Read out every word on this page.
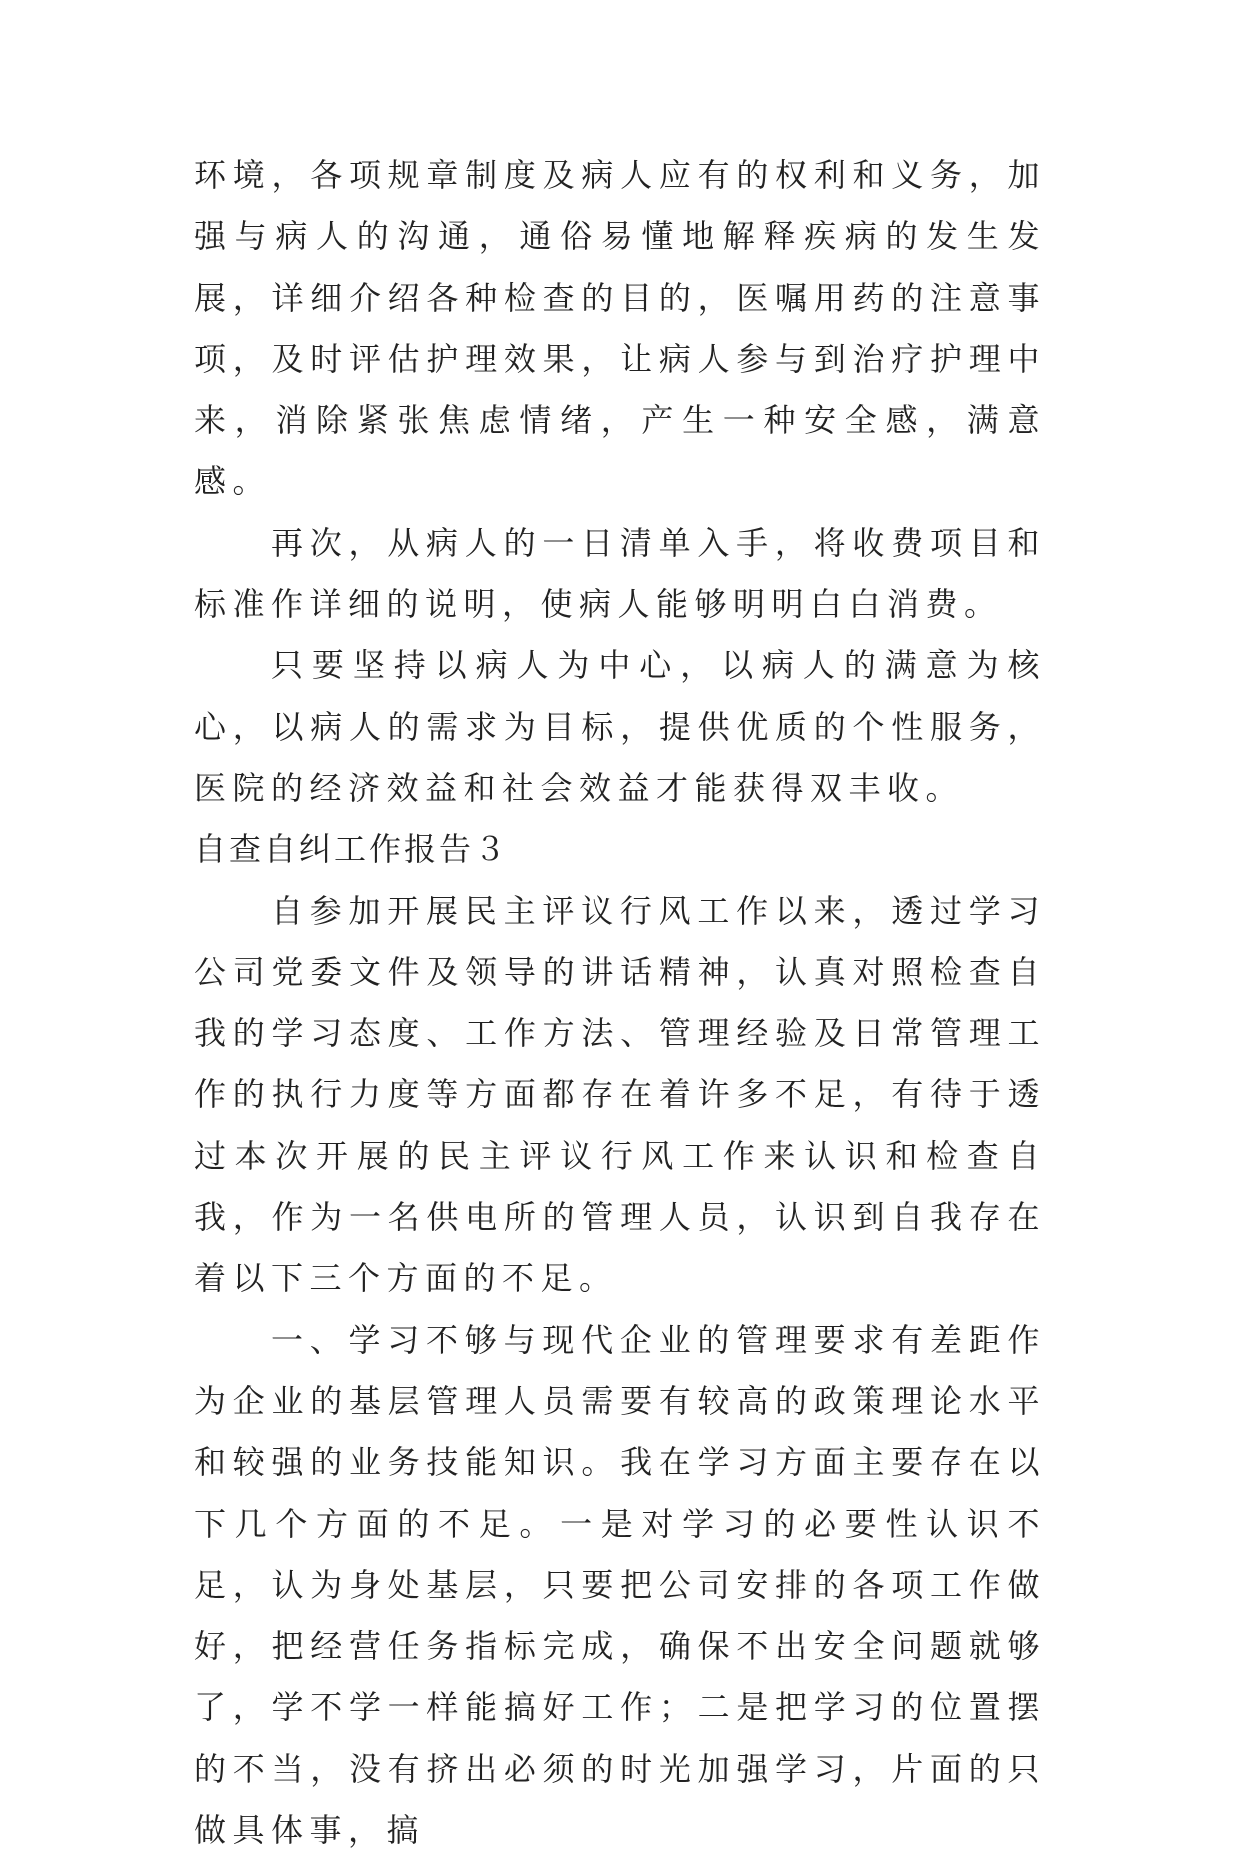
环境，各项规章制度及病人应有的权利和义务，加强与病人的沟通，通俗易懂地解释疾病的发生发展，详细介绍各种检查的目的，医嘱用药的注意事项，及时评估护理效果，让病人参与到治疗护理中来，消除紧张焦虑情绪，产生一种安全感，满意感。

再次，从病人的一日清单入手，将收费项目和标准作详细的说明，使病人能够明明白白消费。

只要坚持以病人为中心，以病人的满意为核心，以病人的需求为目标，提供优质的个性服务，医院的经济效益和社会效益才能获得双丰收。

自查自纠工作报告３

自参加开展民主评议行风工作以来，透过学习公司党委文件及领导的讲话精神，认真对照检查自我的学习态度、工作方法、管理经验及日常管理工作的执行力度等方面都存在着许多不足，有待于透过本次开展的民主评议行风工作来认识和检查自我，作为一名供电所的管理人员，认识到自我存在着以下三个方面的不足。

一、学习不够与现代企业的管理要求有差距作为企业的基层管理人员需要有较高的政策理论水平和较强的业务技能知识。我在学习方面主要存在以下几个方面的不足。一是对学习的必要性认识不足，认为身处基层，只要把公司安排的各项工作做好，把经营任务指标完成，确保不出安全问题就够了，学不学一样能搞好工作；二是把学习的位置摆的不当，没有挤出必须的时光加强学习，片面的只做具体事，搞
